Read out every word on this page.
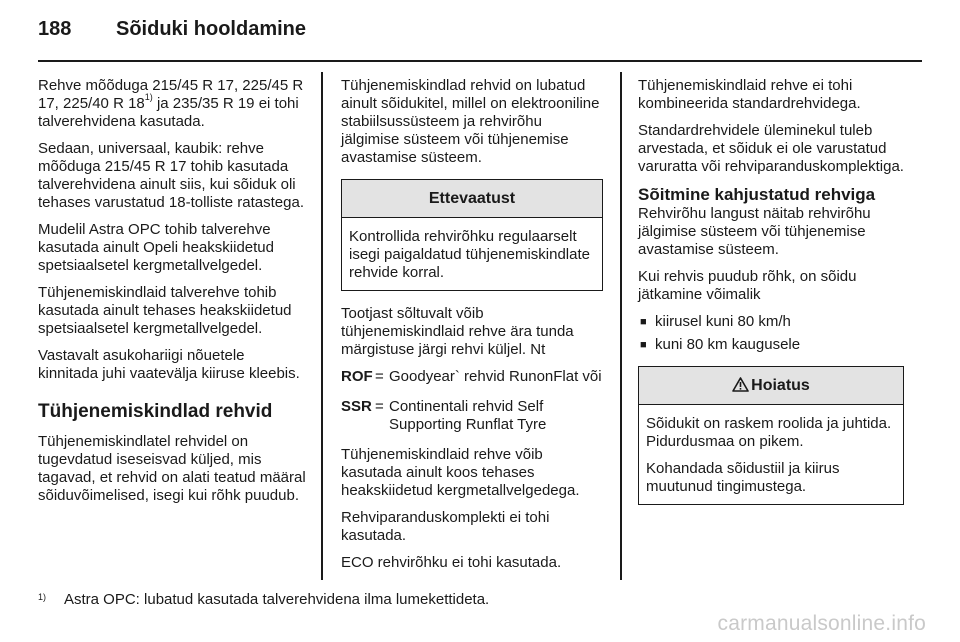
188	Sõiduki hooldamine

Rehve mõõduga 215/45 R 17, 225/45 R 17, 225/40 R 18$^{1)}$ ja 235/35 R 19 ei tohi talverehvidena kasutada.

Sedaan, universaal, kaubik: rehve mõõduga 215/45 R 17 tohib kasutada talverehvidena ainult siis, kui sõiduk oli tehases varustatud 18-tolliste ratastega.

Mudelil Astra OPC tohib talverehve kasutada ainult Opeli heakskiidetud spetsiaalsetel kergmetallvelgedel.

Tühjenemiskindlaid talverehve tohib kasutada ainult tehases heakskiidetud spetsiaalsetel kergmetallvelgedel.

Vastavalt asukohariigi nõuetele kinnitada juhi vaatevälja kiiruse kleebis.

Tühjenemiskindlad rehvid

Tühjenemiskindlatel rehvidel on tugevdatud iseseisvad küljed, mis tagavad, et rehvid on alati teatud määral sõiduvõimelised, isegi kui rõhk puudub.

Tühjenemiskindlad rehvid on lubatud ainult sõidukitel, millel on elektrooniline stabiilsussüsteem ja rehvirõhu jälgimise süsteem või tühjenemise avastamise süsteem.

Ettevaatust

Kontrollida rehvirõhku regulaarselt isegi paigaldatud tühjenemiskindlate rehvide korral.

Tootjast sõltuvalt võib tühjenemiskindlaid rehve ära tunda märgistuse järgi rehvi küljel. Nt

ROF = Goodyear` rehvid RunonFlat või
SSR = Continentali rehvid Self Supporting Runflat Tyre

Tühjenemiskindlaid rehve võib kasutada ainult koos tehases heakskiidetud kergmetallvelgedega.

Rehviparanduskomplekti ei tohi kasutada.

ECO rehvirõhku ei tohi kasutada.

Tühjenemiskindlaid rehve ei tohi kombineerida standardrehvidega.

Standardrehvidele üleminekul tuleb arvestada, et sõiduk ei ole varustatud varuratta või rehviparanduskomplektiga.

Sõitmine kahjustatud rehviga

Rehvirõhu langust näitab rehvirõhu jälgimise süsteem või tühjenemise avastamise süsteem.

Kui rehvis puudub rõhk, on sõidu jätkamine võimalik

■ kiirusel kuni 80 km/h
■ kuni 80 km kaugusele
Hoiatus

Sõidukit on raskem roolida ja juhtida. Pidurdusmaa on pikem.

Kohandada sõidustiil ja kiirus muutunud tingimustega.

1)	Astra OPC: lubatud kasutada talverehvidena ilma lumekettideta.
carmanualsonline.info
